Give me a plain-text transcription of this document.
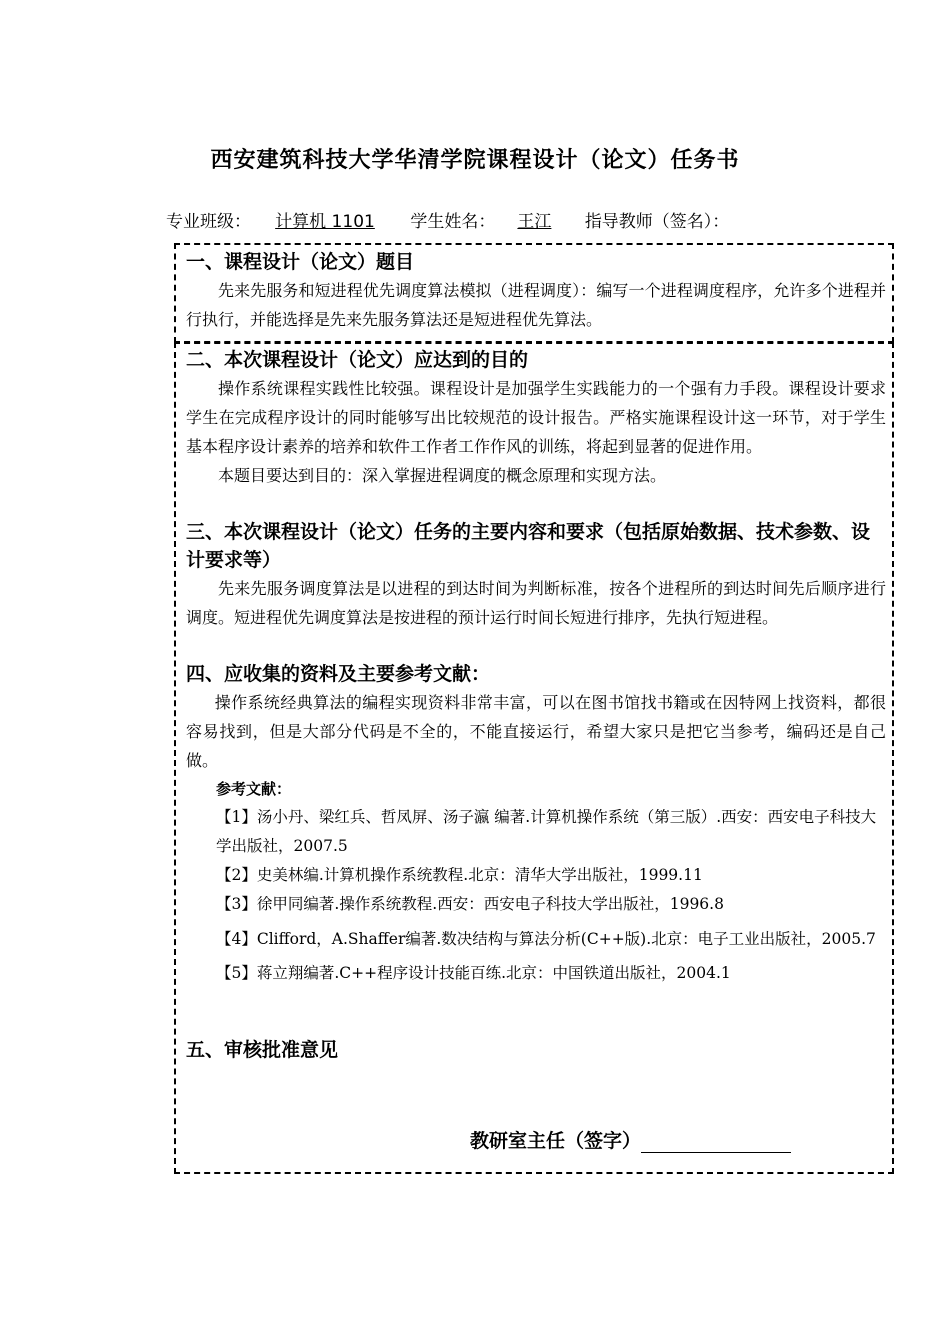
西安建筑科技大学华清学院课程设计（论文）任务书
专业班级： 计算机 1101 学生姓名： 王江 指导教师（签名）：

一、课程设计（论文）题目

先来先服务和短进程优先调度算法模拟（进程调度）：编写一个进程调度程序，允许多个进程并行执行，并能选择是先来先服务算法还是短进程优先算法。

二、本次课程设计（论文）应达到的目的

操作系统课程实践性比较强。课程设计是加强学生实践能力的一个强有力手段。课程设计要求学生在完成程序设计的同时能够写出比较规范的设计报告。严格实施课程设计这一环节，对于学生基本程序设计素养的培养和软件工作者工作作风的训练，将起到显著的促进作用。

本题目要达到目的：深入掌握进程调度的概念原理和实现方法。

三、本次课程设计（论文）任务的主要内容和要求（包括原始数据、技术参数、设计要求等）

先来先服务调度算法是以进程的到达时间为判断标准，按各个进程所的到达时间先后顺序进行调度。短进程优先调度算法是按进程的预计运行时间长短进行排序，先执行短进程。

四、应收集的资料及主要参考文献：

操作系统经典算法的编程实现资料非常丰富，可以在图书馆找书籍或在因特网上找资料，都很容易找到，但是大部分代码是不全的，不能直接运行，希望大家只是把它当参考，编码还是自己做。

参考文献：

【1】汤小丹、梁红兵、哲凤屏、汤子瀛 编著.计算机操作系统（第三版）.西安：西安电子科技大学出版社，2007.5

【2】史美林编.计算机操作系统教程.北京：清华大学出版社，1999.11

【3】徐甲同编著.操作系统教程.西安：西安电子科技大学出版社，1996.8

【4】Clifford，A.Shaffer编著.数决结构与算法分析(C++版).北京：电子工业出版社，2005.7

【5】蒋立翔编著.C++程序设计技能百练.北京：中国铁道出版社，2004.1

五、审核批准意见

教研室主任（签字）
